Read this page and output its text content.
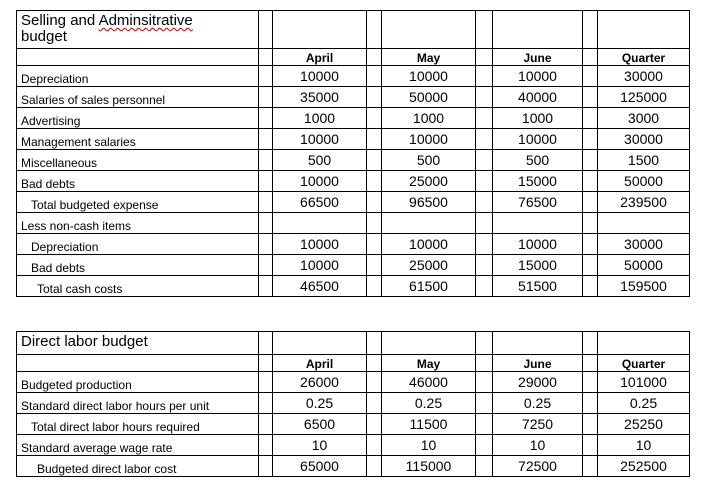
Selling and Adminsitrative
budget								
		April		May		June		Quarter
Depreciation		10000		10000		10000		30000
Salaries of sales personnel		35000		50000		40000		125000
Advertising		1000		1000		1000		3000
Management salaries		10000		10000		10000		30000
Miscellaneous		500		500		500		1500
Bad debts		10000		25000		15000		50000
Total budgeted expense		66500		96500		76500		239500
Less non-cash items								
Depreciation		10000		10000		10000		30000
Bad debts		10000		25000		15000		50000
Total cash costs		46500		61500		51500		159500
Direct labor budget								
		April		May		June		Quarter
Budgeted production		26000		46000		29000		101000
Standard direct labor hours per unit		0.25		0.25		0.25		0.25
Total direct labor hours required		6500		11500		7250		25250
Standard average wage rate		10		10		10		10
Budgeted direct labor cost		65000		115000		72500		252500
